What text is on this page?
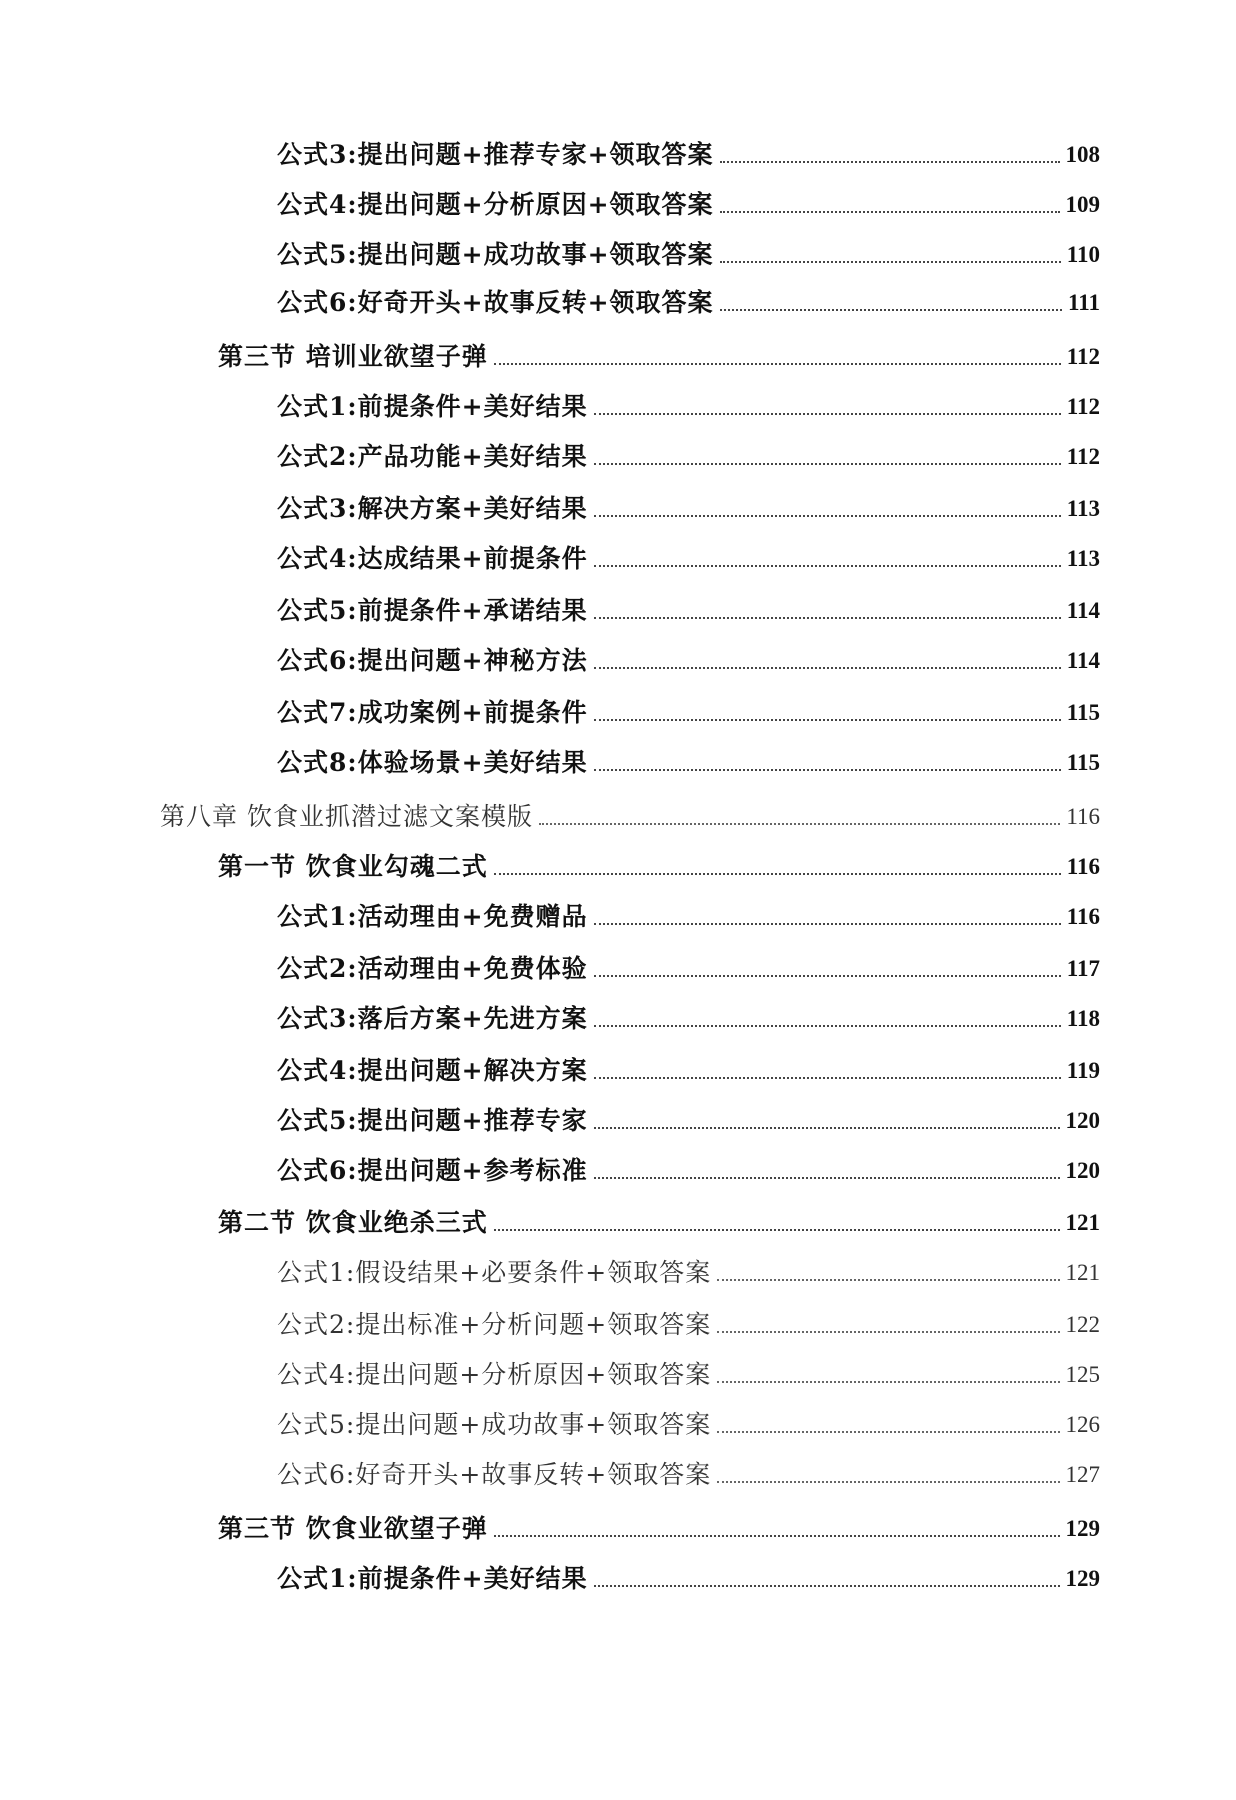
公式3:提出问题+推荐专家+领取答案	108
公式4:提出问题+分析原因+领取答案	109
公式5:提出问题+成功故事+领取答案	110
公式6:好奇开头+故事反转+领取答案	111
第三节 培训业欲望子弹	112
公式1:前提条件+美好结果	112
公式2:产品功能+美好结果	112
公式3:解决方案+美好结果	113
公式4:达成结果+前提条件	113
公式5:前提条件+承诺结果	114
公式6:提出问题+神秘方法	114
公式7:成功案例+前提条件	115
公式8:体验场景+美好结果	115
第八章 饮食业抓潜过滤文案模版	116
第一节 饮食业勾魂二式	116
公式1:活动理由+免费赠品	116
公式2:活动理由+免费体验	117
公式3:落后方案+先进方案	118
公式4:提出问题+解决方案	119
公式5:提出问题+推荐专家	120
公式6:提出问题+参考标准	120
第二节 饮食业绝杀三式	121
公式1:假设结果+必要条件+领取答案	121
公式2:提出标准+分析问题+领取答案	122
公式4:提出问题+分析原因+领取答案	125
公式5:提出问题+成功故事+领取答案	126
公式6:好奇开头+故事反转+领取答案	127
第三节 饮食业欲望子弹	129
公式1:前提条件+美好结果	129
